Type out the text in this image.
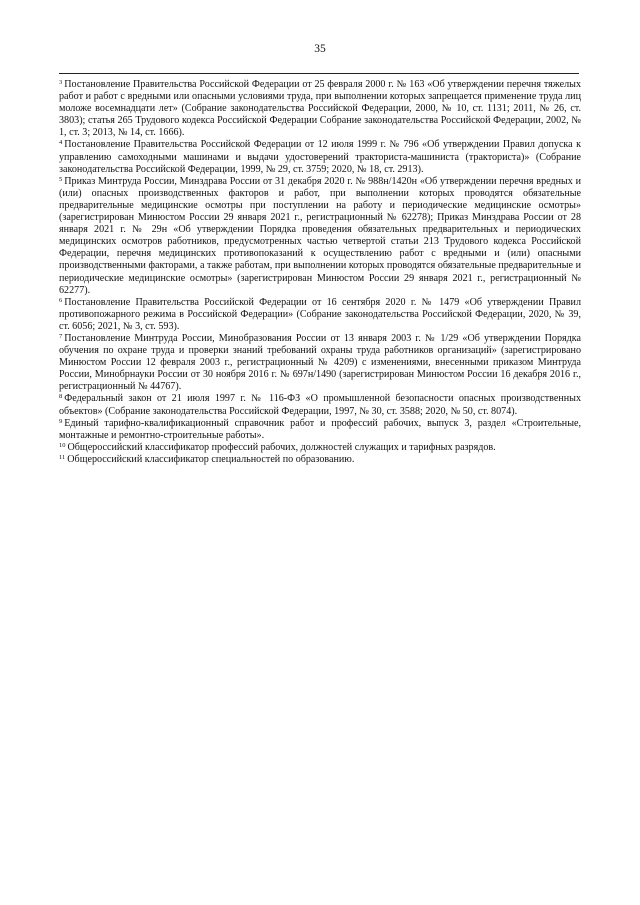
35

$^3$ Постановление Правительства Российской Федерации от 25 февраля 2000 г. № 163 «Об утверждении перечня тяжелых работ и работ с вредными или опасными условиями труда, при выполнении которых запрещается применение труда лиц моложе восемнадцати лет» (Собрание законодательства Российской Федерации, 2000, № 10, ст. 1131; 2011, № 26, ст. 3803); статья 265 Трудового кодекса Российской Федерации Собрание законодательства Российской Федерации, 2002, № 1, ст. 3; 2013, № 14, ст. 1666).

$^4$ Постановление Правительства Российской Федерации от 12 июля 1999 г. № 796 «Об утверждении Правил допуска к управлению самоходными машинами и выдачи удостоверений тракториста-машиниста (тракториста)» (Собрание законодательства Российской Федерации, 1999, № 29, ст. 3759; 2020, № 18, ст. 2913).

$^5$ Приказ Минтруда России, Минздрава России от 31 декабря 2020 г. № 988н/1420н «Об утверждении перечня вредных и (или) опасных производственных факторов и работ, при выполнении которых проводятся обязательные предварительные медицинские осмотры при поступлении на работу и периодические медицинские осмотры» (зарегистрирован Минюстом России 29 января 2021 г., регистрационный № 62278); Приказ Минздрава России от 28 января 2021 г. № 29н «Об утверждении Порядка проведения обязательных предварительных и периодических медицинских осмотров работников, предусмотренных частью четвертой статьи 213 Трудового кодекса Российской Федерации, перечня медицинских противопоказаний к осуществлению работ с вредными и (или) опасными производственными факторами, а также работам, при выполнении которых проводятся обязательные предварительные и периодические медицинские осмотры» (зарегистрирован Минюстом России 29 января 2021 г., регистрационный № 62277).

$^6$ Постановление Правительства Российской Федерации от 16 сентября 2020 г. № 1479 «Об утверждении Правил противопожарного режима в Российской Федерации» (Собрание законодательства Российской Федерации, 2020, № 39, ст. 6056; 2021, № 3, ст. 593).

$^7$ Постановление Минтруда России, Минобразования России от 13 января 2003 г. № 1/29 «Об утверждении Порядка обучения по охране труда и проверки знаний требований охраны труда работников организаций» (зарегистрировано Минюстом России 12 февраля 2003 г., регистрационный № 4209) с изменениями, внесенными приказом Минтруда России, Минобрнауки России от 30 ноября 2016 г. № 697н/1490 (зарегистрирован Минюстом России 16 декабря 2016 г., регистрационный № 44767).

$^8$ Федеральный закон от 21 июля 1997 г. № 116-ФЗ «О промышленной безопасности опасных производственных объектов» (Собрание законодательства Российской Федерации, 1997, № 30, ст. 3588; 2020, № 50, ст. 8074).

$^9$ Единый тарифно-квалификационный справочник работ и профессий рабочих, выпуск 3, раздел «Строительные, монтажные и ремонтно-строительные работы».

$^{10}$ Общероссийский классификатор профессий рабочих, должностей служащих и тарифных разрядов.

$^{11}$ Общероссийский классификатор специальностей по образованию.
